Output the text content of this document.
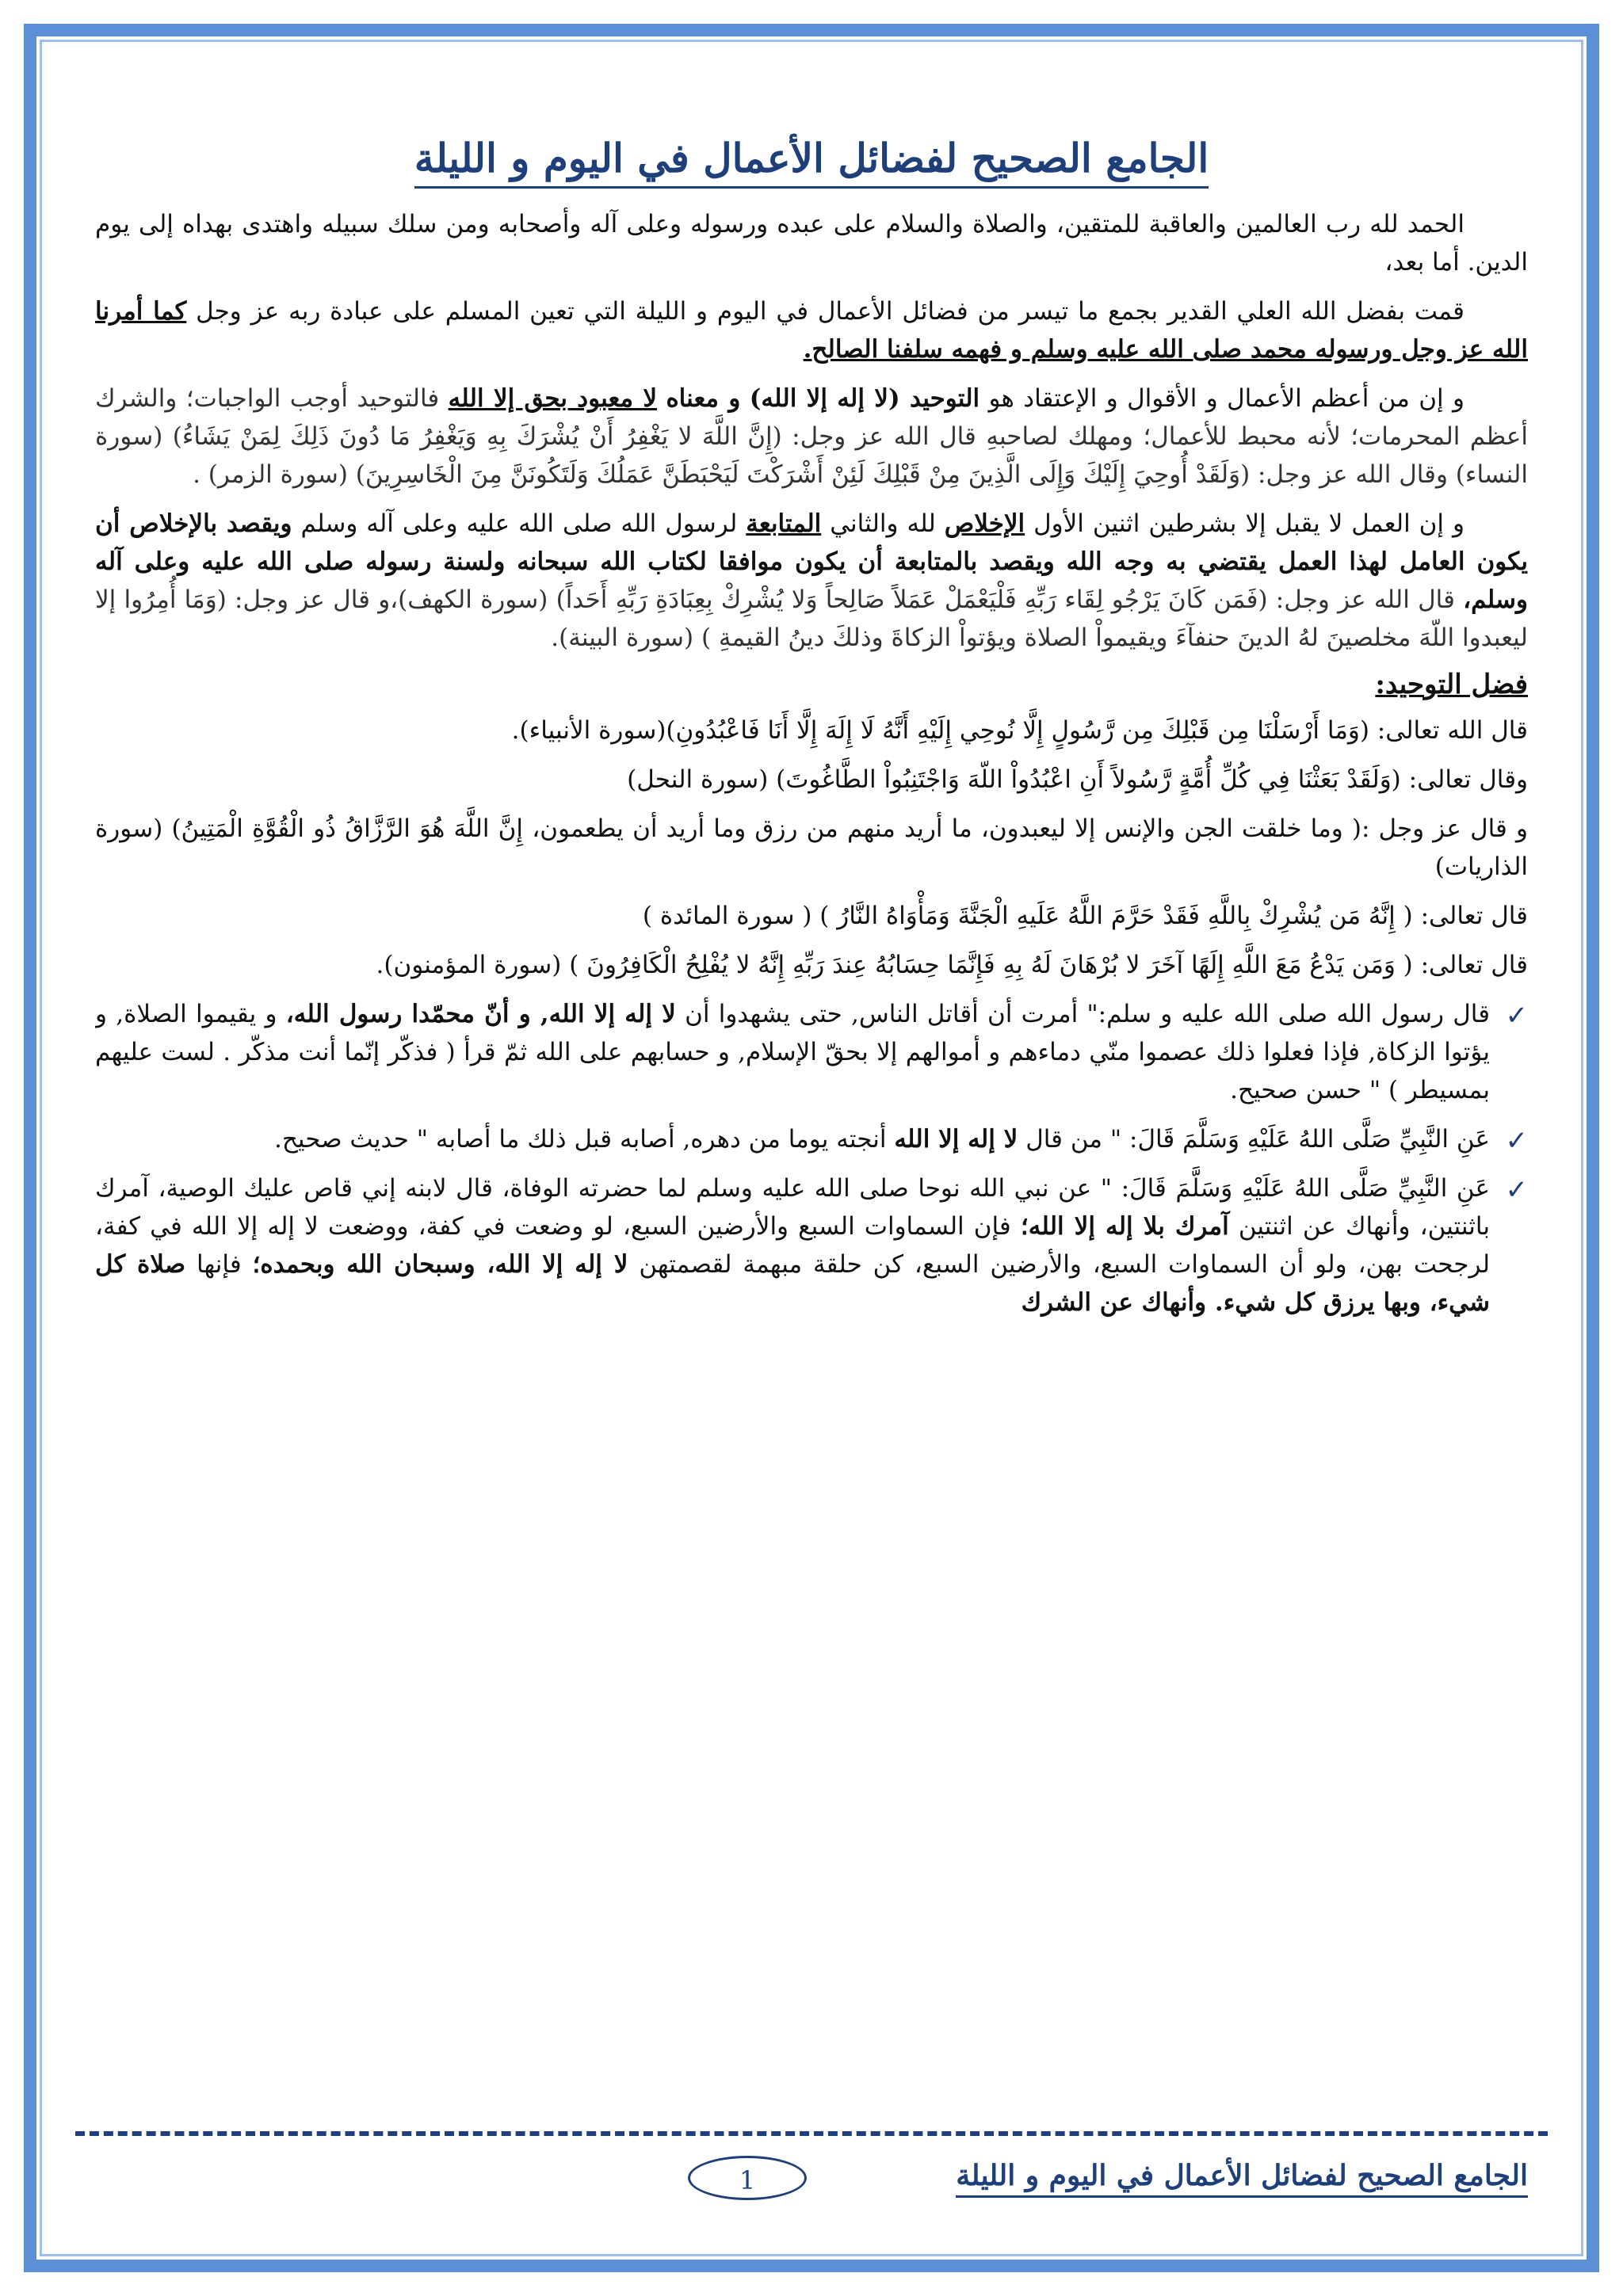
الجامع الصحيح لفضائل الأعمال في اليوم و الليلة

الحمد لله رب العالمين والعاقبة للمتقين، والصلاة والسلام على عبده ورسوله وعلى آله وأصحابه ومن سلك سبيله واهتدى بهداه إلى يوم الدين. أما بعد،

قمت بفضل الله العلي القدير بجمع ما تيسر من فضائل الأعمال في اليوم و الليلة التي تعين المسلم على عبادة ربه عز وجل كما أمرنا الله عز وجل ورسوله محمد صلى الله عليه وسلم و فهمه سلفنا الصالح.

و إن من أعظم الأعمال و الأقوال و الإعتقاد هو التوحيد (لا إله إلا الله) و معناه لا معبود بحق إلا الله فالتوحيد أوجب الواجبات؛ والشرك أعظم المحرمات؛ لأنه محبط للأعمال؛ ومهلك لصاحبهِ قال الله عز وجل: (إِنَّ اللَّهَ لا يَغْفِرُ أَنْ يُشْرَكَ بِهِ وَيَغْفِرُ مَا دُونَ ذَلِكَ لِمَنْ يَشَاءُ) (سورة النساء) وقال الله عز وجل: (وَلَقَدْ أُوحِيَ إِلَيْكَ وَإِلَى الَّذِينَ مِنْ قَبْلِكَ لَئِنْ أَشْرَكْتَ لَيَحْبَطَنَّ عَمَلُكَ وَلَتَكُونَنَّ مِنَ الْخَاسِرِينَ) (سورة الزمر) .

و إن العمل لا يقبل إلا بشرطين اثنين الأول الإخلاص لله والثاني المتابعة لرسول الله صلى الله عليه وعلى آله وسلم ويقصد بالإخلاص أن يكون العامل لهذا العمل يقتضي به وجه الله ويقصد بالمتابعة أن يكون موافقا لكتاب الله سبحانه ولسنة رسوله صلى الله عليه وعلى آله وسلم، قال الله عز وجل: (فَمَن كَانَ يَرْجُو لِقَاء رَبِّهِ فَلْيَعْمَلْ عَمَلاً صَالِحاً وَلا يُشْرِكْ بِعِبَادَةِ رَبِّهِ أَحَداً) (سورة الكهف)،و قال عز وجل: (وَمَا أُمِرُوا إلا ليعبدوا اللّهَ مخلصينَ لهُ الدينَ حنفآءَ ويقيمواْ الصلاة ويؤتواْ الزكاةَ وذلكَ دينُ القيمةِ ) (سورة البينة).

فضل التوحيد:

قال الله تعالى: (وَمَا أَرْسَلْنَا مِن قَبْلِكَ مِن رَّسُولٍ إِلَّا نُوحِي إِلَيْهِ أَنَّهُ لَا إِلَهَ إِلَّا أَنَا فَاعْبُدُونِ)(سورة الأنبياء).

وقال تعالى: (وَلَقَدْ بَعَثْنَا فِي كُلِّ أُمَّةٍ رَّسُولاً أَنِ اعْبُدُواْ اللّهَ وَاجْتَنِبُواْ الطَّاغُوتَ) (سورة النحل)

و قال عز وجل :( وما خلقت الجن والإنس إلا ليعبدون، ما أريد منهم من رزق وما أريد أن يطعمون، إِنَّ اللَّهَ هُوَ الرَّزَّاقُ ذُو الْقُوَّةِ الْمَتِينُ) (سورة الذاريات)

قال تعالى: ( إِنَّهُ مَن يُشْرِكْ بِاللَّهِ فَقَدْ حَرَّمَ اللَّهُ عَلَيهِ الْجَنَّةَ وَمَأْوَاهُ النَّارُ ) ( سورة المائدة )

قال تعالى: ( وَمَن يَدْعُ مَعَ اللَّهِ إِلَهًا آخَرَ لا بُرْهَانَ لَهُ بِهِ فَإِنَّمَا حِسَابُهُ عِندَ رَبِّهِ إِنَّهُ لا يُفْلِحُ الْكَافِرُونَ ) (سورة المؤمنون).

✓
قال رسول الله صلى الله عليه و سلم:" أمرت أن أقاتل الناس, حتى يشهدوا أن لا إله إلا الله, و أنّ محمّدا رسول الله، و يقيموا الصلاة, و يؤتوا الزكاة, فإذا فعلوا ذلك عصموا منّي دماءهم و أموالهم إلا بحقّ الإسلام, و حسابهم على الله ثمّ قرأ ( فذكّر إنّما أنت مذكّر . لست عليهم بمسيطر ) " حسن صحيح.
✓
عَنِ النَّبِيِّ صَلَّى اللهُ عَلَيْهِ وَسَلَّمَ قَالَ: " من قال لا إله إلا الله أنجته يوما من دهره, أصابه قبل ذلك ما أصابه " حديث صحيح.
✓
عَنِ النَّبِيِّ صَلَّى اللهُ عَلَيْهِ وَسَلَّمَ قَالَ: " عن نبي الله نوحا صلى الله عليه وسلم لما حضرته الوفاة، قال لابنه إني قاص عليك الوصية، آمرك باثنتين، وأنهاك عن اثنتين آمرك بلا إله إلا الله؛ فإن السماوات السبع والأرضين السبع، لو وضعت في كفة، ووضعت لا إله إلا الله في كفة، لرجحت بهن، ولو أن السماوات السبع، والأرضين السبع، كن حلقة مبهمة لقصمتهن لا إله إلا الله، وسبحان الله وبحمده؛ فإنها صلاة كل شيء، وبها يرزق كل شيء. وأنهاك عن الشرك
الجامع الصحيح لفضائل الأعمال في اليوم و الليلة
1
